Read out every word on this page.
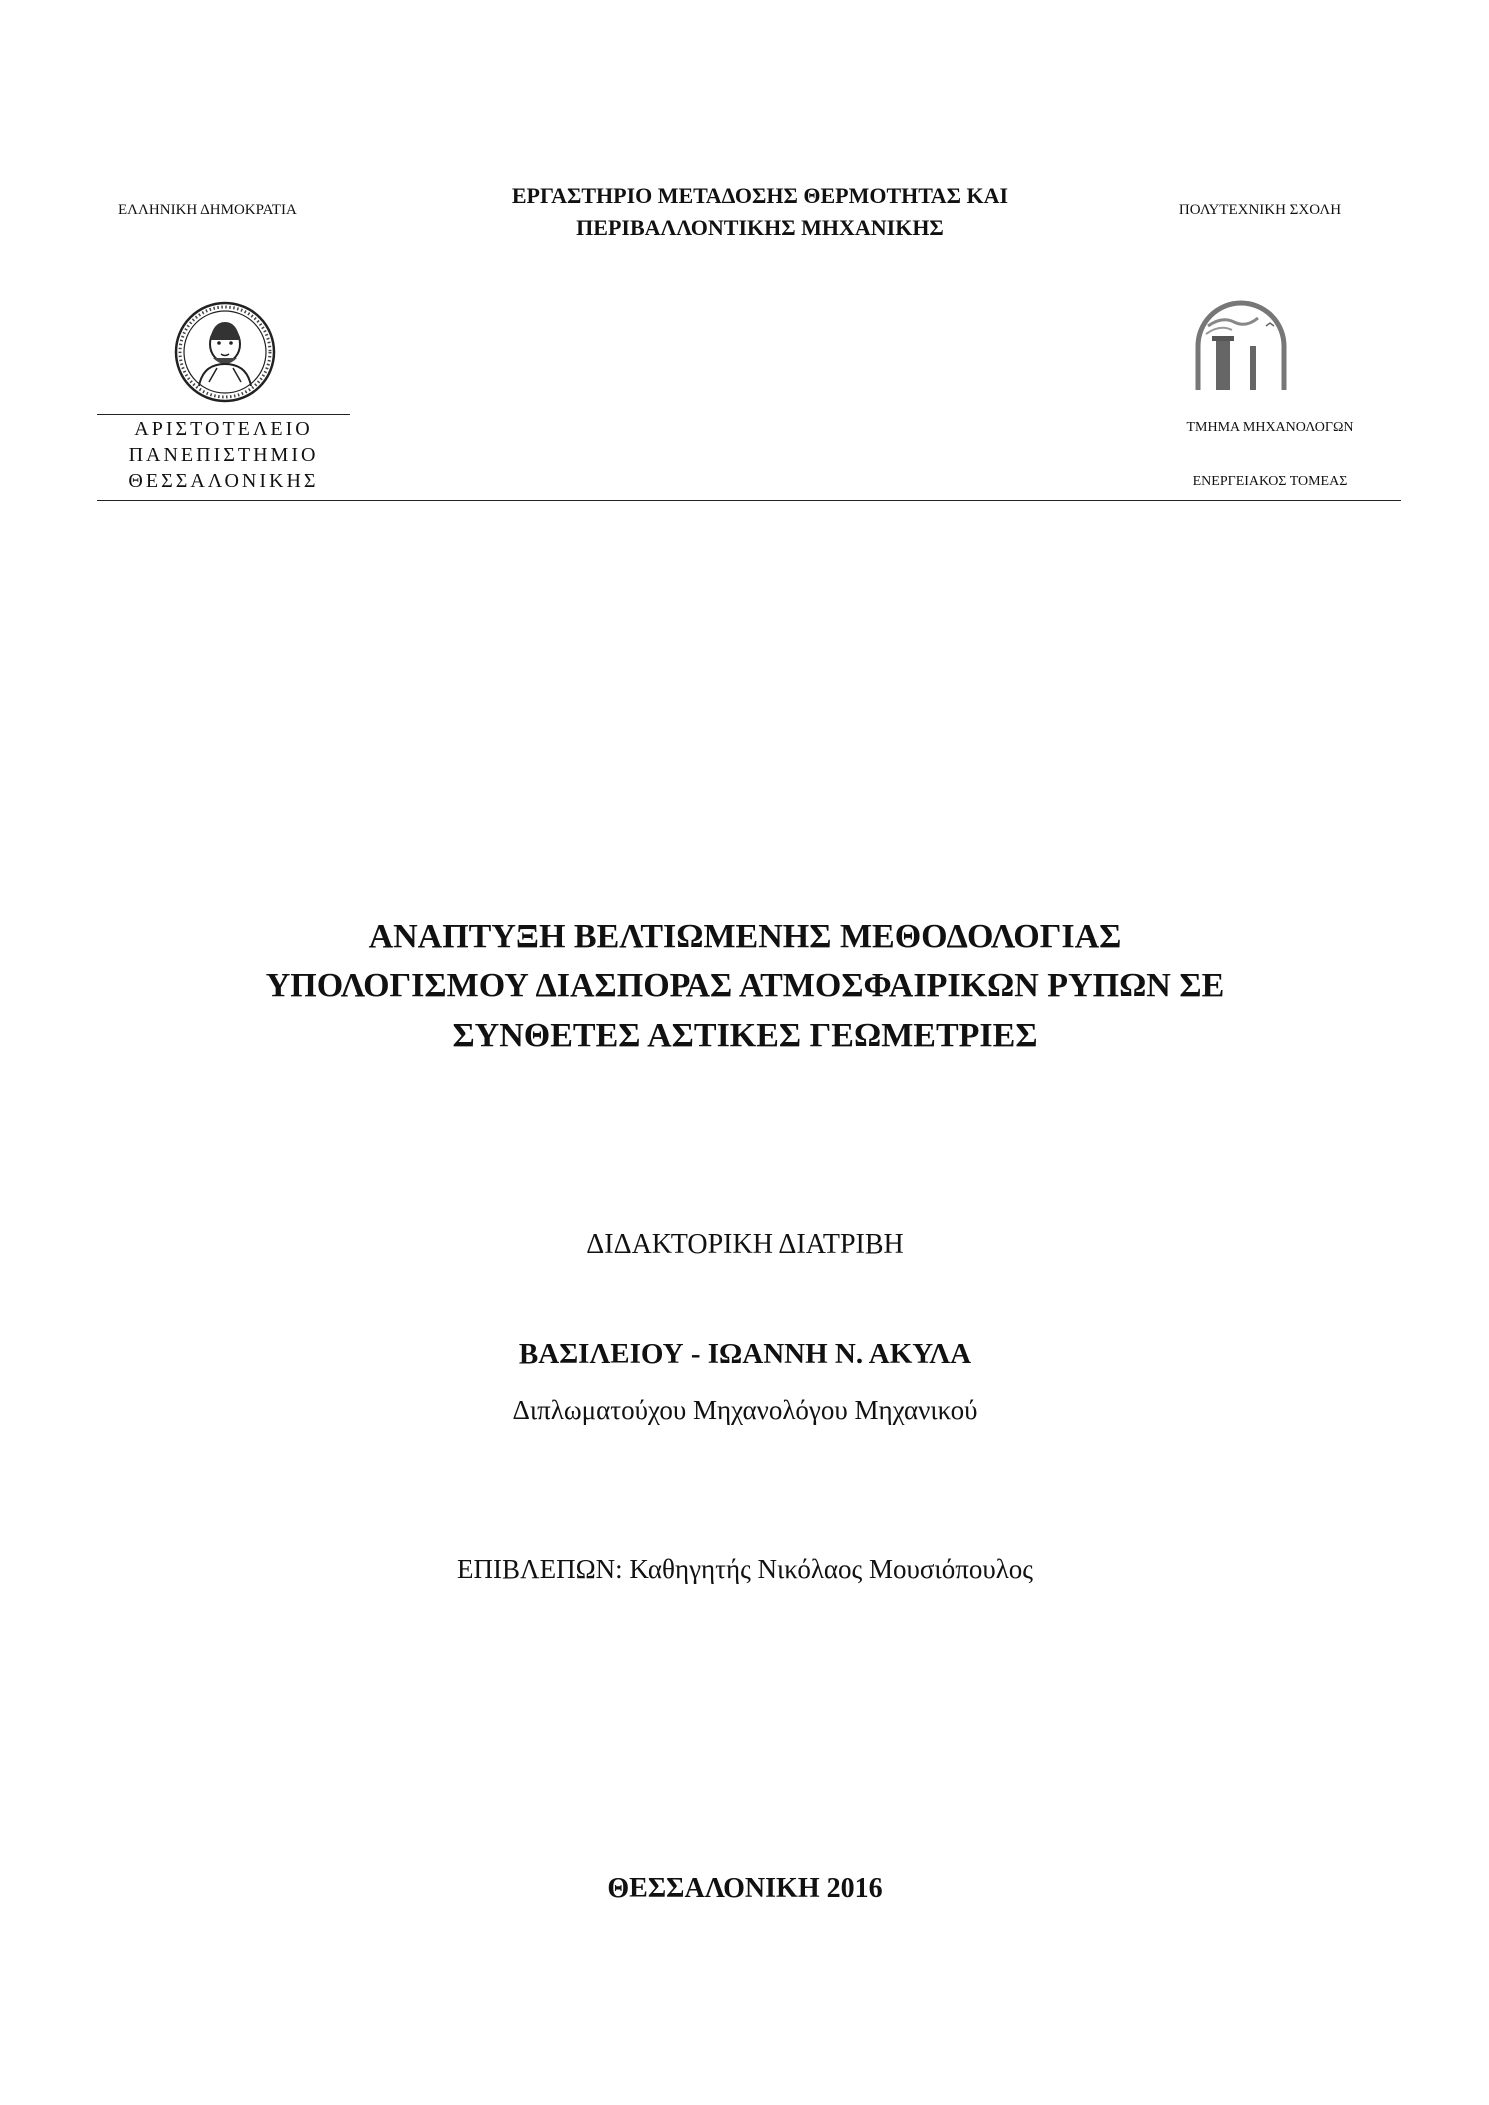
ΕΛΛΗΝΙΚΗ ΔΗΜΟΚΡΑΤΙΑ
ΕΡΓΑΣΤΗΡΙΟ ΜΕΤΑΔΟΣΗΣ ΘΕΡΜΟΤΗΤΑΣ ΚΑΙ
ΠΕΡΙΒΑΛΛΟΝΤΙΚΗΣ ΜΗΧΑΝΙΚΗΣ
ΠΟΛΥΤΕΧΝΙΚΗ ΣΧΟΛΗ
ΑΡΙΣΤΟΤΕΛΕΙΟ
ΠΑΝΕΠΙΣΤΗΜΙΟ
ΘΕΣΣΑΛΟΝΙΚΗΣ
ΤΜΗΜΑ ΜΗΧΑΝΟΛΟΓΩΝ
ΕΝΕΡΓΕΙΑΚΟΣ ΤΟΜΕΑΣ
ΑΝΑΠΤΥΞΗ ΒΕΛΤΙΩΜΕΝΗΣ ΜΕΘΟΔΟΛΟΓΙΑΣ
ΥΠΟΛΟΓΙΣΜΟΥ ΔΙΑΣΠΟΡΑΣ ΑΤΜΟΣΦΑΙΡΙΚΩΝ ΡΥΠΩΝ ΣΕ
ΣΥΝΘΕΤΕΣ ΑΣΤΙΚΕΣ ΓΕΩΜΕΤΡΙΕΣ
ΔΙΔΑΚΤΟΡΙΚΗ ΔΙΑΤΡΙΒΗ
ΒΑΣΙΛΕΙΟΥ - ΙΩΑΝΝΗ Ν. ΑΚΥΛΑ
Διπλωματούχου Μηχανολόγου Μηχανικού
ΕΠΙΒΛΕΠΩΝ: Καθηγητής Νικόλαος Μουσιόπουλος
ΘΕΣΣΑΛΟΝΙΚΗ 2016
